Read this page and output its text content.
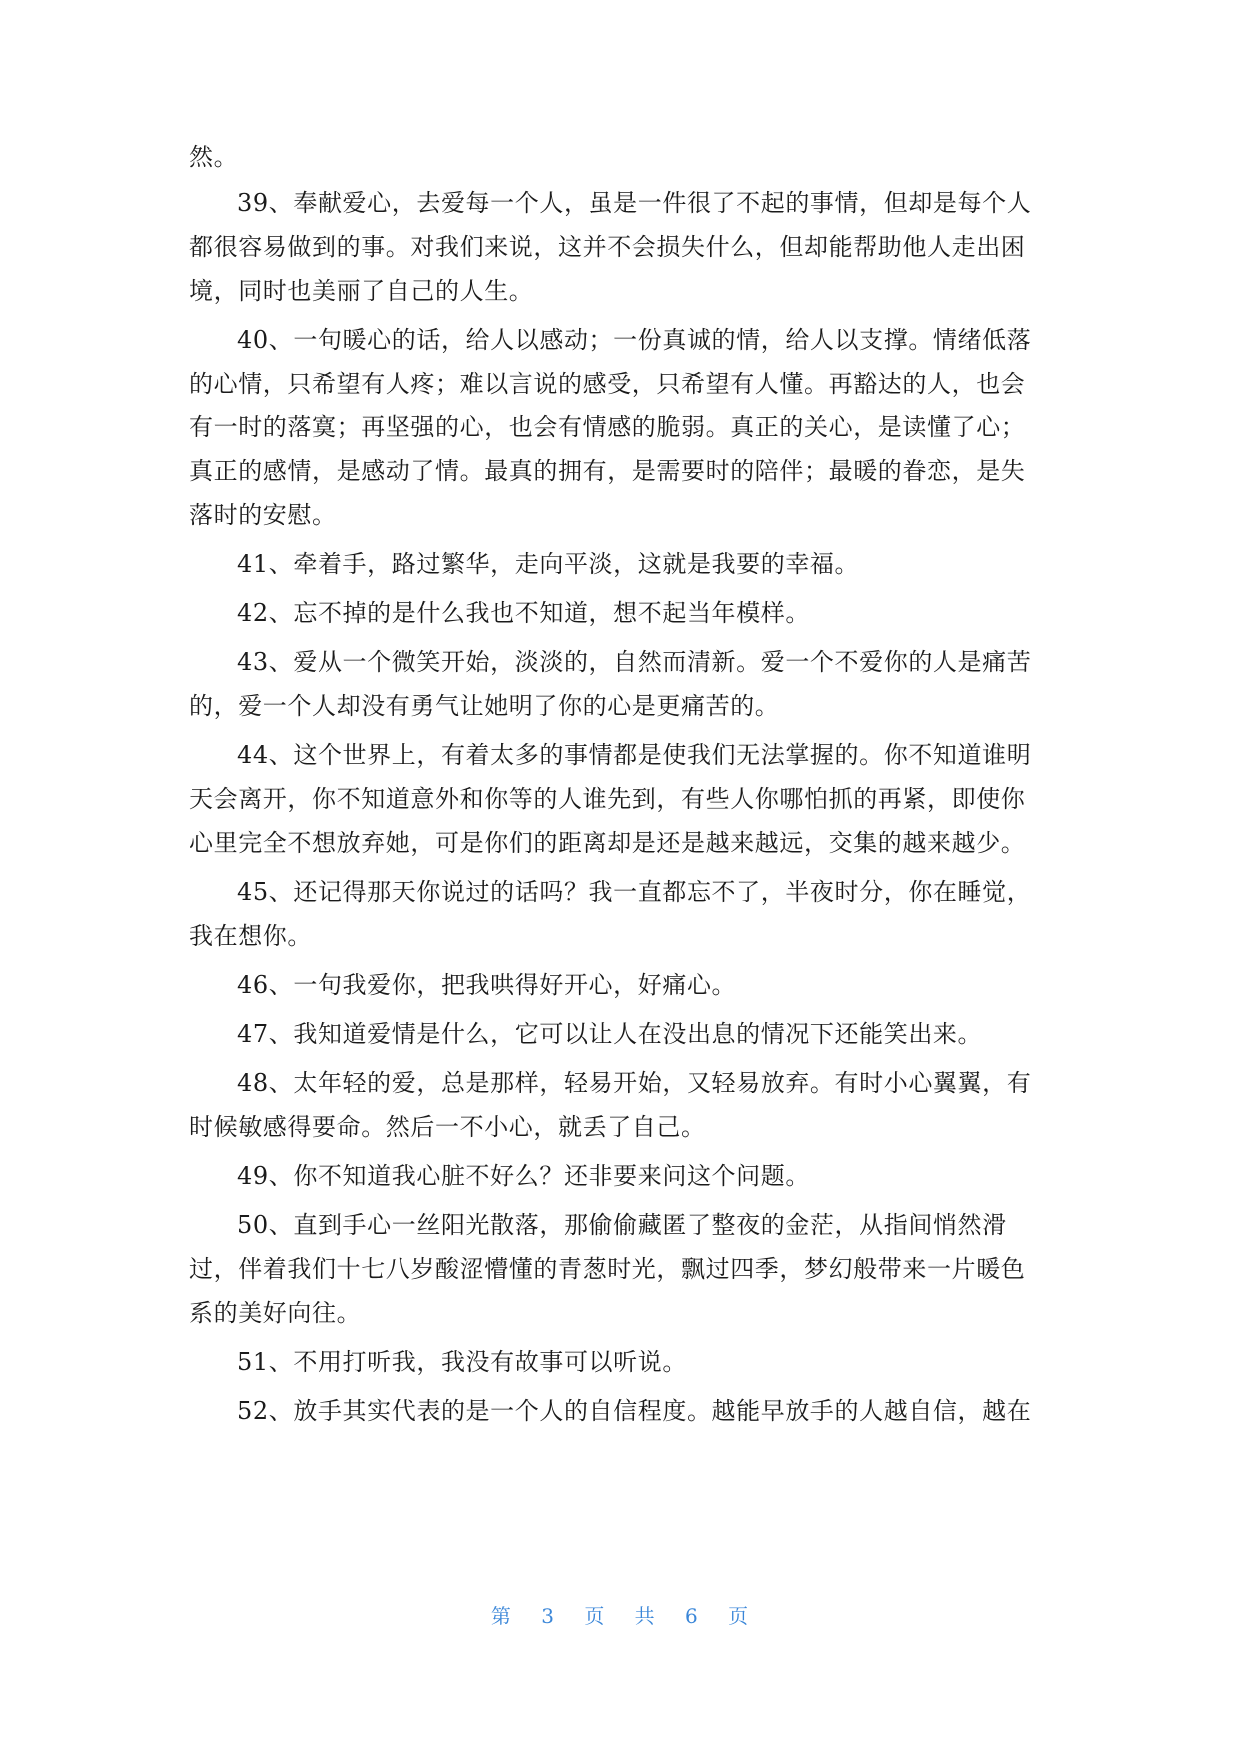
然。
39、奉献爱心，去爱每一个人，虽是一件很了不起的事情，但却是每个人
都很容易做到的事。对我们来说，这并不会损失什么，但却能帮助他人走出困
境，同时也美丽了自己的人生。
40、一句暖心的话，给人以感动；一份真诚的情，给人以支撑。情绪低落
的心情，只希望有人疼；难以言说的感受，只希望有人懂。再豁达的人，也会
有一时的落寞；再坚强的心，也会有情感的脆弱。真正的关心，是读懂了心；
真正的感情，是感动了情。最真的拥有，是需要时的陪伴；最暖的眷恋，是失
落时的安慰。
41、牵着手，路过繁华，走向平淡，这就是我要的幸福。
42、忘不掉的是什么我也不知道，想不起当年模样。
43、爱从一个微笑开始，淡淡的，自然而清新。爱一个不爱你的人是痛苦
的，爱一个人却没有勇气让她明了你的心是更痛苦的。
44、这个世界上，有着太多的事情都是使我们无法掌握的。你不知道谁明
天会离开，你不知道意外和你等的人谁先到，有些人你哪怕抓的再紧，即使你
心里完全不想放弃她，可是你们的距离却是还是越来越远，交集的越来越少。
45、还记得那天你说过的话吗？我一直都忘不了，半夜时分，你在睡觉，
我在想你。
46、一句我爱你，把我哄得好开心，好痛心。
47、我知道爱情是什么，它可以让人在没出息的情况下还能笑出来。
48、太年轻的爱，总是那样，轻易开始，又轻易放弃。有时小心翼翼，有
时候敏感得要命。然后一不小心，就丢了自己。
49、你不知道我心脏不好么？还非要来问这个问题。
50、直到手心一丝阳光散落，那偷偷藏匿了整夜的金茫，从指间悄然滑
过，伴着我们十七八岁酸涩懵懂的青葱时光，飘过四季，梦幻般带来一片暖色
系的美好向往。
51、不用打听我，我没有故事可以听说。
52、放手其实代表的是一个人的自信程度。越能早放手的人越自信，越在
第 3 页 共 6 页
